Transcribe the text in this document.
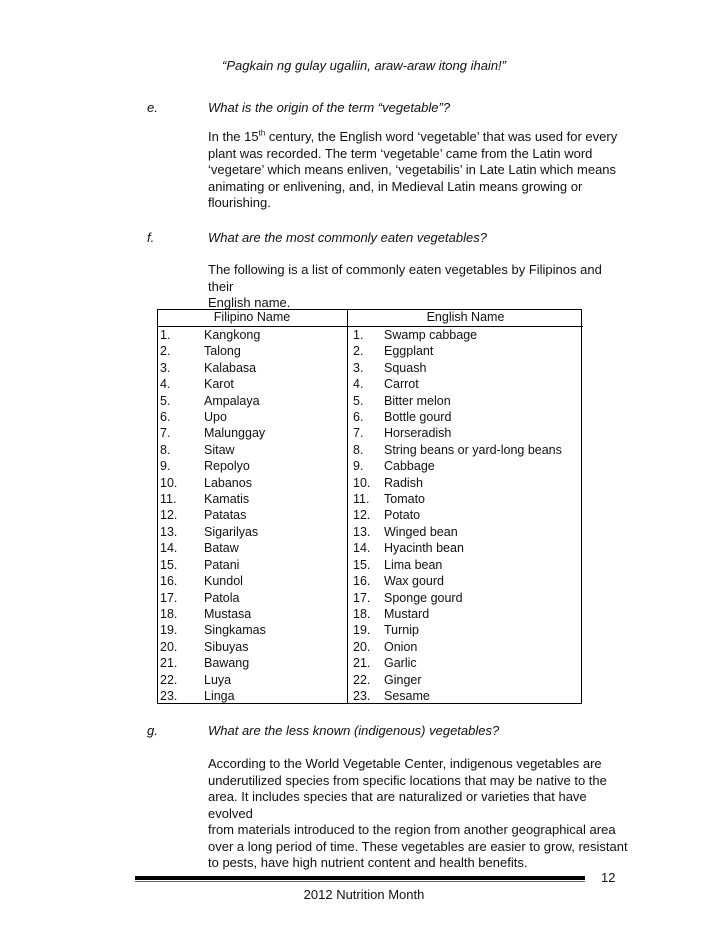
“Pagkain ng gulay ugaliin, araw-araw itong ihain!”
e.	What is the origin of the term “vegetable”?
In the 15th century, the English word ‘vegetable’ that was used for every
plant was recorded. The term ‘vegetable’ came from the Latin word
‘vegetare’ which means enliven, ‘vegetabilis’ in Late Latin which means
animating or enlivening, and, in Medieval Latin means growing or
flourishing.
f.	What are the most commonly eaten vegetables?
The following is a list of commonly eaten vegetables by Filipinos and their
English name.
Filipino Name		English Name	
1.	Kangkong	1.	Swamp cabbage
2.	Talong	2.	Eggplant
3.	Kalabasa	3.	Squash
4.	Karot	4.	Carrot
5.	Ampalaya	5.	Bitter melon
6.	Upo	6.	Bottle gourd
7.	Malunggay	7.	Horseradish
8.	Sitaw	8.	String beans or yard-long beans
9.	Repolyo	9.	Cabbage
10.	Labanos	10.	Radish
11.	Kamatis	11.	Tomato
12.	Patatas	12.	Potato
13.	Sigarilyas	13.	Winged bean
14.	Bataw	14.	Hyacinth bean
15.	Patani	15.	Lima bean
16.	Kundol	16.	Wax gourd
17.	Patola	17.	Sponge gourd
18.	Mustasa	18.	Mustard
19.	Singkamas	19.	Turnip
20.	Sibuyas	20.	Onion
21.	Bawang	21.	Garlic
22.	Luya	22.	Ginger
23.	Linga	23.	Sesame
g.	What are the less known (indigenous) vegetables?
According to the World Vegetable Center, indigenous vegetables are
underutilized species from specific locations that may be native to the
area. It includes species that are naturalized or varieties that have evolved
from materials introduced to the region from another geographical area
over a long period of time. These vegetables are easier to grow, resistant
to pests, have high nutrient content and health benefits.
12
2012 Nutrition Month
